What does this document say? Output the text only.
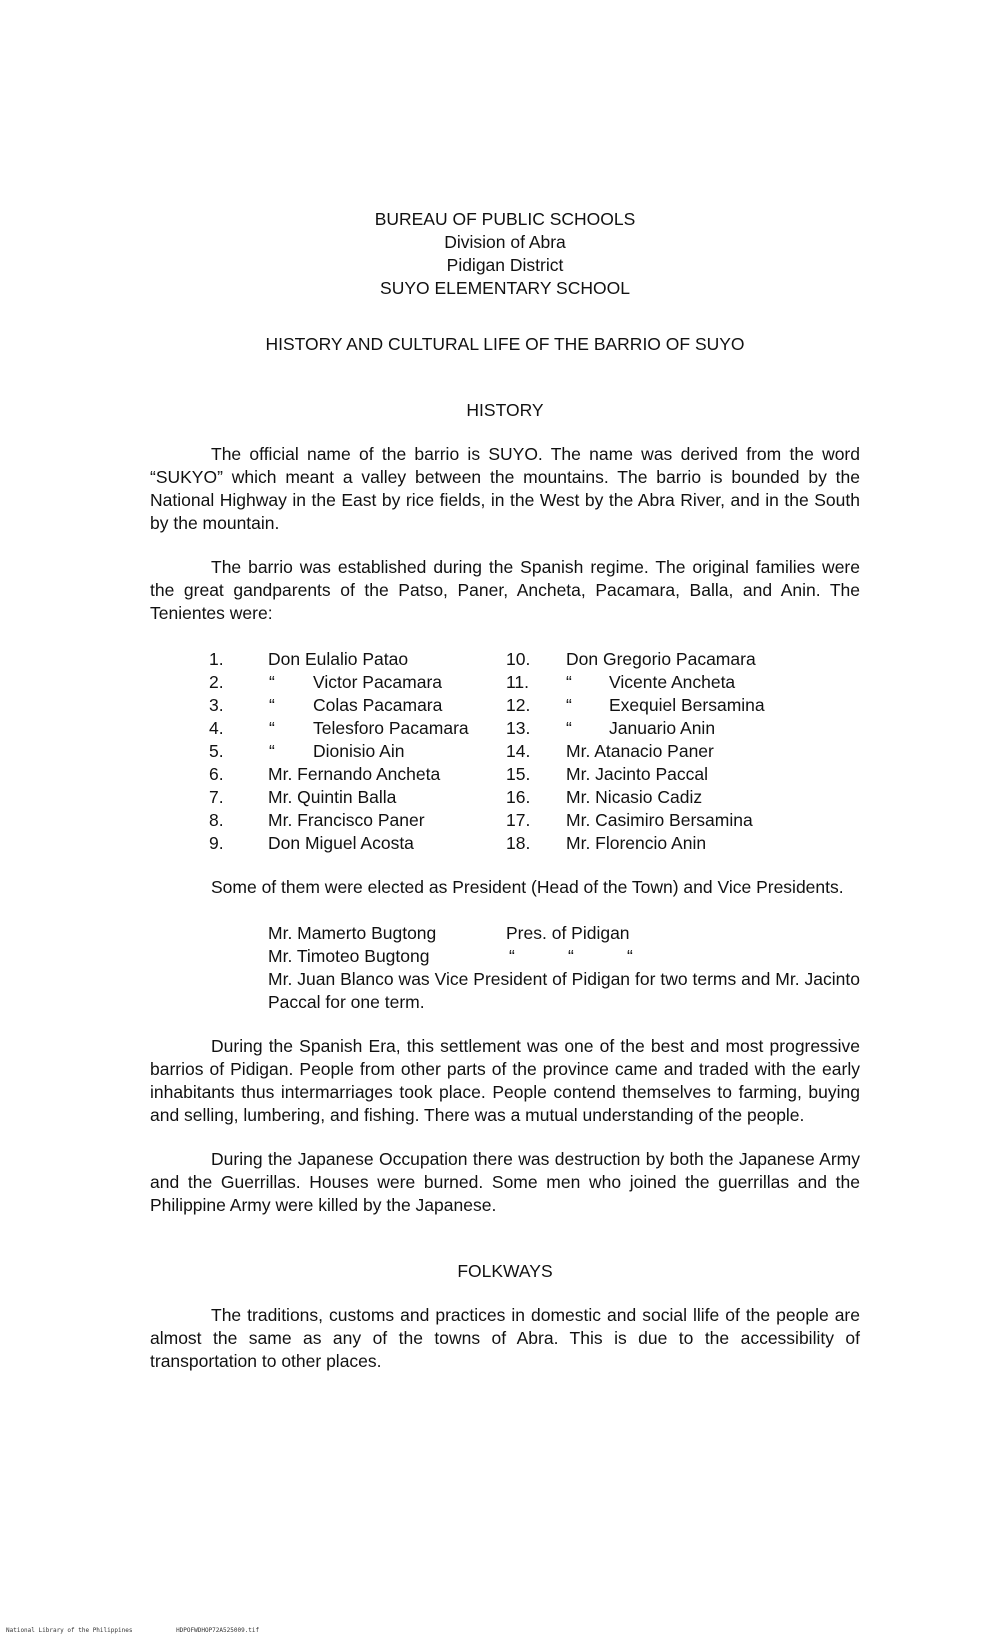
BUREAU OF PUBLIC SCHOOLS
Division of Abra
Pidigan District
SUYO ELEMENTARY SCHOOL
HISTORY AND CULTURAL LIFE OF THE BARRIO OF SUYO
HISTORY

The official name of the barrio is SUYO. The name was derived from the word “SUKYO” which meant a valley between the mountains. The barrio is bounded by the National Highway in the East by rice fields, in the West by the Abra River, and in the South by the mountain.

The barrio was established during the Spanish regime. The original families were the great gandparents of the Patso, Paner, Ancheta, Pacamara, Balla, and Anin. The Tenientes were:

1.	Don Eulalio Patao
2.	“ Victor Pacamara
3.	“ Colas Pacamara
4.	“ Telesforo Pacamara
5.	“ Dionisio Ain
6.	Mr. Fernando Ancheta
7.	Mr. Quintin Balla
8.	Mr. Francisco Paner
9.	Don Miguel Acosta
10. Don Gregorio Pacamara
11. “ Vicente Ancheta
12. “ Exequiel Bersamina
13. “ Januario Anin
14. Mr. Atanacio Paner
15. Mr. Jacinto Paccal
16. Mr. Nicasio Cadiz
17. Mr. Casimiro Bersamina
18. Mr. Florencio Anin

Some of them were elected as President (Head of the Town) and Vice Presidents.

Mr. Mamerto Bugtong	Pres. of Pidigan
Mr. Timoteo Bugtong	“	“	“
Mr. Juan Blanco was Vice President of Pidigan for two terms and Mr. Jacinto Paccal for one term.

During the Spanish Era, this settlement was one of the best and most progressive barrios of Pidigan. People from other parts of the province came and traded with the early inhabitants thus intermarriages took place. People contend themselves to farming, buying and selling, lumbering, and fishing. There was a mutual understanding of the people.

During the Japanese Occupation there was destruction by both the Japanese Army and the Guerrillas. Houses were burned. Some men who joined the guerrillas and the Philippine Army were killed by the Japanese.

FOLKWAYS

The traditions, customs and practices in domestic and social llife of the people are almost the same as any of the towns of Abra. This is due to the accessibility of transportation to other places.

National Library of the Philippines	HDPOFWDHOP72A525009.tif
